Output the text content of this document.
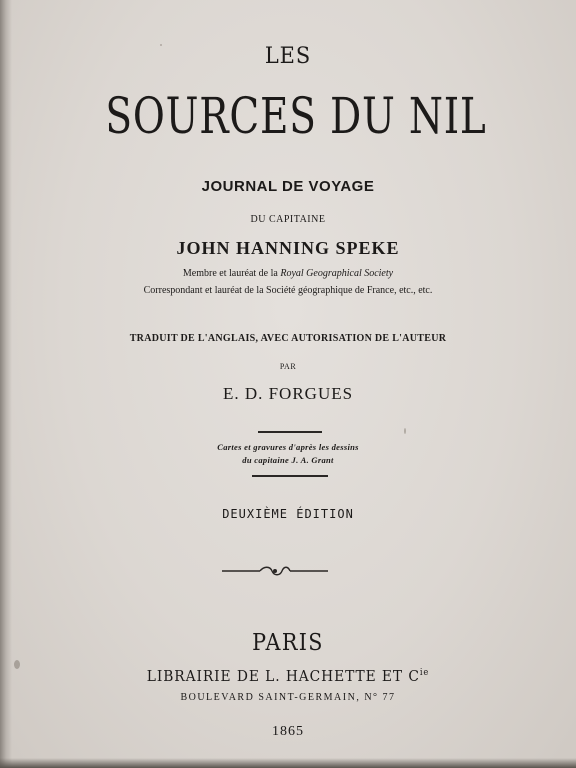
LES
SOURCES DU NIL
JOURNAL DE VOYAGE
DU CAPITAINE
JOHN HANNING SPEKE
Membre et lauréat de la Royal Geographical Society
Correspondant et lauréat de la Société géographique de France, etc., etc.
TRADUIT DE L'ANGLAIS, AVEC AUTORISATION DE L'AUTEUR
PAR
E. D. FORGUES
Cartes et gravures d'après les dessins
du capitaine J. A. Grant
DEUXIÈME ÉDITION
PARIS
LIBRAIRIE DE L. HACHETTE ET $C^{ie}$
BOULEVARD SAINT-GERMAIN, N° 77
1865
